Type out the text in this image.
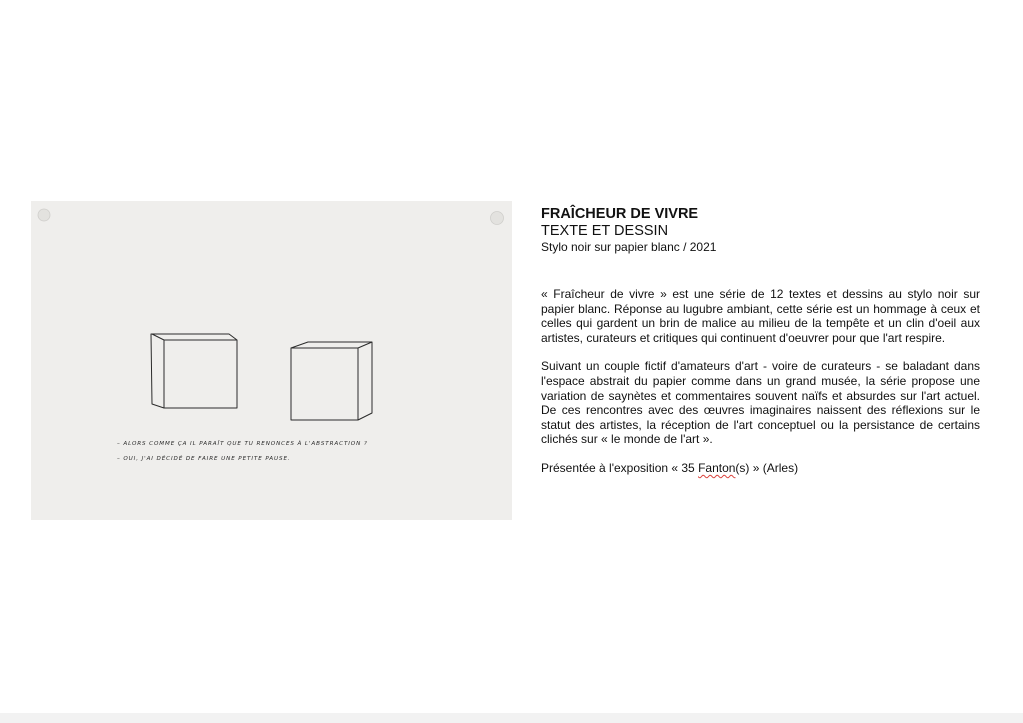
– ALORS COMME ÇA IL PARAÎT QUE TU RENONCES À L'ABSTRACTION ?
– OUI, J'AI DÉCIDÉ DE FAIRE UNE PETITE PAUSE.

FRAÎCHEUR DE VIVRE

TEXTE ET DESSIN

Stylo noir sur papier blanc / 2021

« Fraîcheur de vivre » est une série de 12 textes et dessins au stylo noir sur papier blanc. Réponse au lugubre ambiant, cette série est un hommage à ceux et celles qui gardent un brin de malice au milieu de la tempête et un clin d'oeil aux artistes, curateurs et critiques qui continuent d'oeuvrer pour que l'art respire.

Suivant un couple fictif d'amateurs d'art - voire de curateurs - se baladant dans l'espace abstrait du papier comme dans un grand musée, la série propose une variation de saynètes et commentaires souvent naïfs et absurdes sur l'art actuel. De ces rencontres avec des œuvres imaginaires naissent des réflexions sur le statut des artistes, la réception de l'art conceptuel ou la persistance de certains clichés sur « le monde de l'art ».

Présentée à l'exposition « 35 Fanton(s) » (Arles)
